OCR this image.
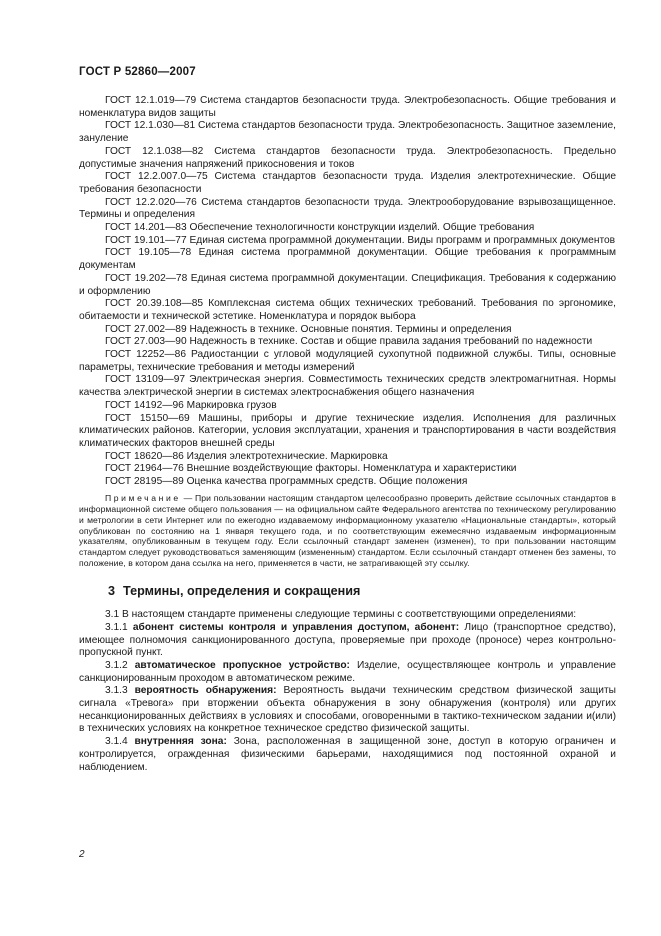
ГОСТ Р 52860—2007

ГОСТ 12.1.019—79 Система стандартов безопасности труда. Электробезопасность. Общие требования и номенклатура видов защиты

ГОСТ 12.1.030—81 Система стандартов безопасности труда. Электробезопасность. Защитное заземление, зануление

ГОСТ 12.1.038—82 Система стандартов безопасности труда. Электробезопасность. Предельно допустимые значения напряжений прикосновения и токов

ГОСТ 12.2.007.0—75 Система стандартов безопасности труда. Изделия электротехнические. Общие требования безопасности

ГОСТ 12.2.020—76 Система стандартов безопасности труда. Электрооборудование взрывозащищенное. Термины и определения

ГОСТ 14.201—83 Обеспечение технологичности конструкции изделий. Общие требования

ГОСТ 19.101—77 Единая система программной документации. Виды программ и программных документов

ГОСТ 19.105—78 Единая система программной документации. Общие требования к программным документам

ГОСТ 19.202—78 Единая система программной документации. Спецификация. Требования к содержанию и оформлению

ГОСТ 20.39.108—85 Комплексная система общих технических требований. Требования по эргономике, обитаемости и технической эстетике. Номенклатура и порядок выбора

ГОСТ 27.002—89 Надежность в технике. Основные понятия. Термины и определения

ГОСТ 27.003—90 Надежность в технике. Состав и общие правила задания требований по надежности

ГОСТ 12252—86 Радиостанции с угловой модуляцией сухопутной подвижной службы. Типы, основные параметры, технические требования и методы измерений

ГОСТ 13109—97 Электрическая энергия. Совместимость технических средств электромагнитная. Нормы качества электрической энергии в системах электроснабжения общего назначения

ГОСТ 14192—96 Маркировка грузов

ГОСТ 15150—69 Машины, приборы и другие технические изделия. Исполнения для различных климатических районов. Категории, условия эксплуатации, хранения и транспортирования в части воздействия климатических факторов внешней среды

ГОСТ 18620—86 Изделия электротехнические. Маркировка

ГОСТ 21964—76 Внешние воздействующие факторы. Номенклатура и характеристики

ГОСТ 28195—89 Оценка качества программных средств. Общие положения

Примечание — При пользовании настоящим стандартом целесообразно проверить действие ссылочных стандартов в информационной системе общего пользования — на официальном сайте Федерального агентства по техническому регулированию и метрологии в сети Интернет или по ежегодно издаваемому информационному указателю «Национальные стандарты», который опубликован по состоянию на 1 января текущего года, и по соответствующим ежемесячно издаваемым информационным указателям, опубликованным в текущем году. Если ссылочный стандарт заменен (изменен), то при пользовании настоящим стандартом следует руководствоваться заменяющим (измененным) стандартом. Если ссылочный стандарт отменен без замены, то положение, в котором дана ссылка на него, применяется в части, не затрагивающей эту ссылку.

3 Термины, определения и сокращения

3.1 В настоящем стандарте применены следующие термины с соответствующими определениями:

3.1.1 абонент системы контроля и управления доступом, абонент: Лицо (транспортное средство), имеющее полномочия санкционированного доступа, проверяемые при проходе (проносе) через контрольно-пропускной пункт.

3.1.2 автоматическое пропускное устройство: Изделие, осуществляющее контроль и управление санкционированным проходом в автоматическом режиме.

3.1.3 вероятность обнаружения: Вероятность выдачи техническим средством физической защиты сигнала «Тревога» при вторжении объекта обнаружения в зону обнаружения (контроля) или других несанкционированных действиях в условиях и способами, оговоренными в тактико-техническом задании и(или) в технических условиях на конкретное техническое средство физической защиты.

3.1.4 внутренняя зона: Зона, расположенная в защищенной зоне, доступ в которую ограничен и контролируется, огражденная физическими барьерами, находящимися под постоянной охраной и наблюдением.

2
